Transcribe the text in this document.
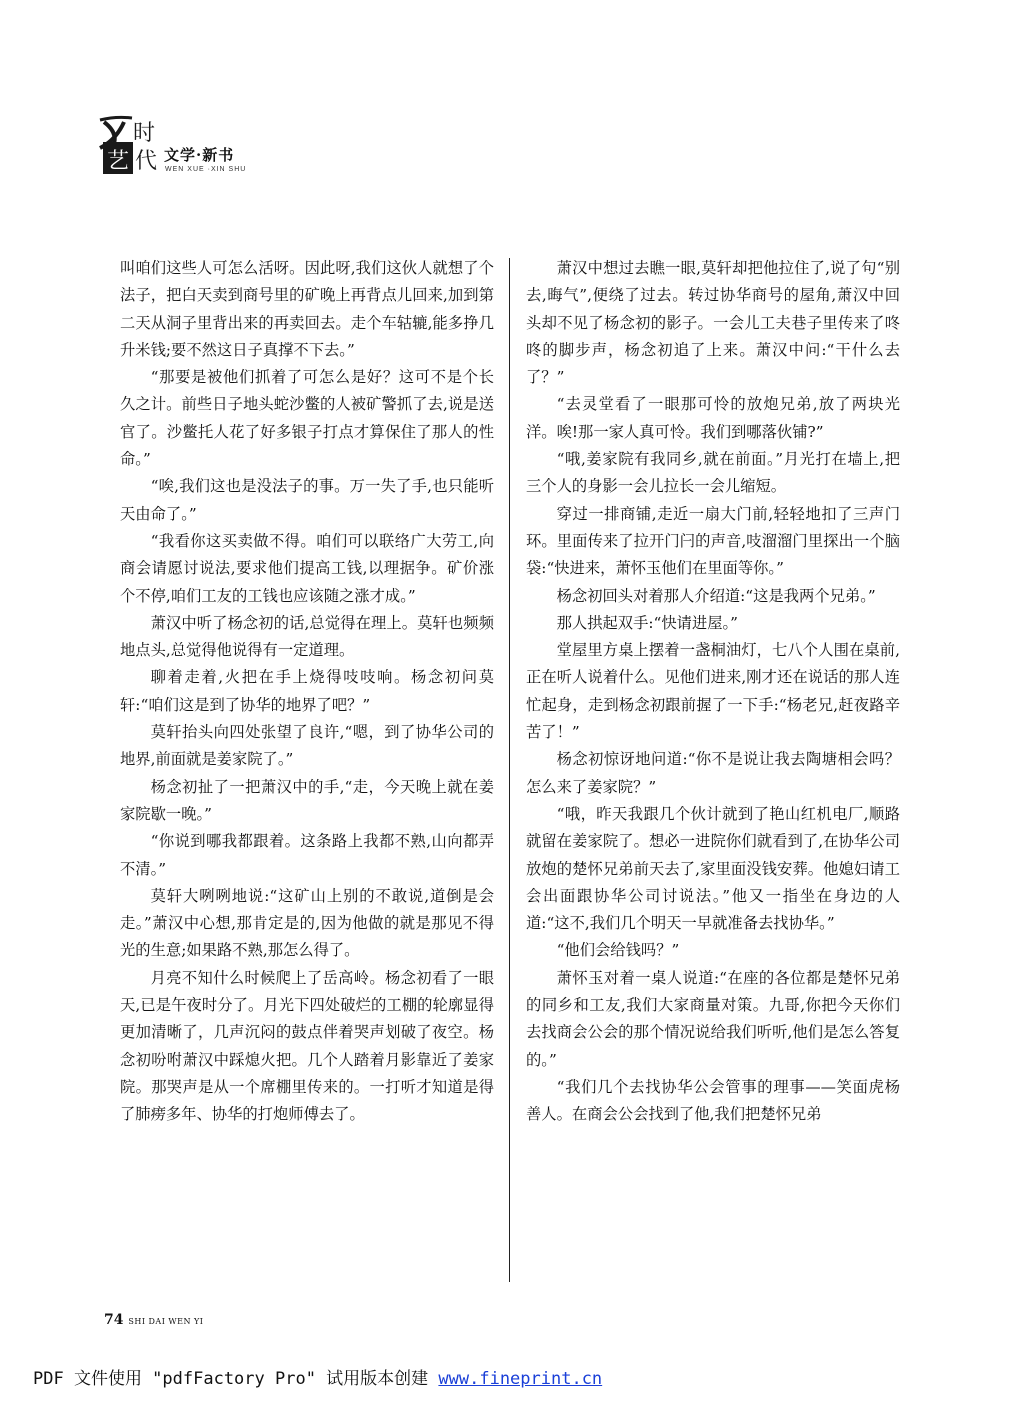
时
艺 代
文
文学·新书
WEN XUE ·XIN SHU

叫咱们这些人可怎么活呀。因此呀,我们这伙人就想了个法子，把白天卖到商号里的矿晚上再背点儿回来,加到第二天从洞子里背出来的再卖回去。走个车轱辘,能多挣几升米钱;要不然这日子真撑不下去。”

“那要是被他们抓着了可怎么是好？这可不是个长久之计。前些日子地头蛇沙鳖的人被矿警抓了去,说是送官了。沙鳖托人花了好多银子打点才算保住了那人的性命。”

“唉,我们这也是没法子的事。万一失了手,也只能听天由命了。”

“我看你这买卖做不得。咱们可以联络广大劳工,向商会请愿讨说法,要求他们提高工钱,以理据争。矿价涨个不停,咱们工友的工钱也应该随之涨才成。”

萧汉中听了杨念初的话,总觉得在理上。莫轩也频频地点头,总觉得他说得有一定道理。

聊着走着,火把在手上烧得吱吱响。杨念初问莫轩:“咱们这是到了协华的地界了吧？”

莫轩抬头向四处张望了良许,“嗯，到了协华公司的地界,前面就是姜家院了。”

杨念初扯了一把萧汉中的手,“走，今天晚上就在姜家院歇一晚。”

“你说到哪我都跟着。这条路上我都不熟,山向都弄不清。”

莫轩大咧咧地说:“这矿山上别的不敢说,道倒是会走。”萧汉中心想,那肯定是的,因为他做的就是那见不得光的生意;如果路不熟,那怎么得了。

月亮不知什么时候爬上了岳高岭。杨念初看了一眼天,已是午夜时分了。月光下四处破烂的工棚的轮廓显得更加清晰了，几声沉闷的鼓点伴着哭声划破了夜空。杨念初吩咐萧汉中踩熄火把。几个人踏着月影靠近了姜家院。那哭声是从一个席棚里传来的。一打听才知道是得了肺痨多年、协华的打炮师傅去了。

萧汉中想过去瞧一眼,莫轩却把他拉住了,说了句“别去,晦气”,便绕了过去。转过协华商号的屋角,萧汉中回头却不见了杨念初的影子。一会儿工夫巷子里传来了咚咚的脚步声，杨念初追了上来。萧汉中问:“干什么去了？”

“去灵堂看了一眼那可怜的放炮兄弟,放了两块光洋。唉!那一家人真可怜。我们到哪落伙铺?”

“哦,姜家院有我同乡,就在前面。”月光打在墙上,把三个人的身影一会儿拉长一会儿缩短。

穿过一排商铺,走近一扇大门前,轻轻地扣了三声门环。里面传来了拉开门闩的声音,吱溜溜门里探出一个脑袋:“快进来，萧怀玉他们在里面等你。”

杨念初回头对着那人介绍道:“这是我两个兄弟。”

那人拱起双手:“快请进屋。”

堂屋里方桌上摆着一盏桐油灯，七八个人围在桌前,正在听人说着什么。见他们进来,刚才还在说话的那人连忙起身，走到杨念初跟前握了一下手:“杨老兄,赶夜路辛苦了！”

杨念初惊讶地问道:“你不是说让我去陶塘相会吗？怎么来了姜家院？”

“哦，昨天我跟几个伙计就到了艳山红机电厂,顺路就留在姜家院了。想必一进院你们就看到了,在协华公司放炮的楚怀兄弟前天去了,家里面没钱安葬。他媳妇请工会出面跟协华公司讨说法。”他又一指坐在身边的人道:“这不,我们几个明天一早就准备去找协华。”

“他们会给钱吗？”

萧怀玉对着一桌人说道:“在座的各位都是楚怀兄弟的同乡和工友,我们大家商量对策。九哥,你把今天你们去找商会公会的那个情况说给我们听听,他们是怎么答复的。”

“我们几个去找协华公会管事的理事——笑面虎杨善人。在商会公会找到了他,我们把楚怀兄弟

74 SHI DAI WEN YI
PDF 文件使用 "pdfFactory Pro" 试用版本创建 www.fineprint.cn
